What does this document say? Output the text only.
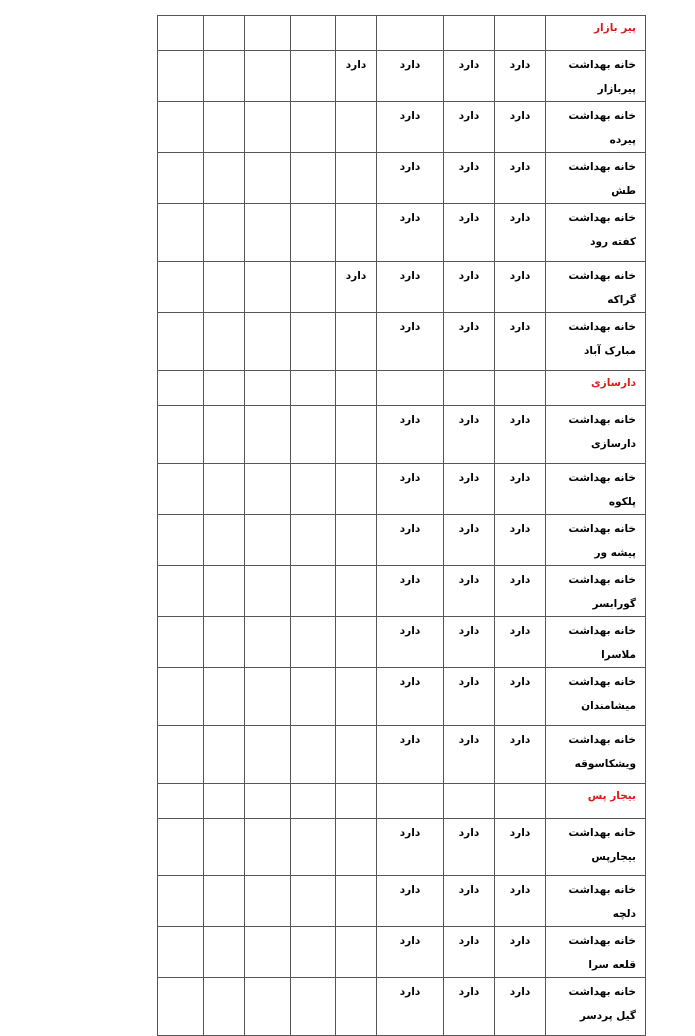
								پیر بازار
				دارد	دارد	دارد	دارد	خانه بهداشت پیربازار
					دارد	دارد	دارد	خانه بهداشت پیرده
					دارد	دارد	دارد	خانه بهداشت طش
					دارد	دارد	دارد	خانه بهداشت کفته رود
				دارد	دارد	دارد	دارد	خانه بهداشت گراکه
					دارد	دارد	دارد	خانه بهداشت مبارک آباد
								دارسازی
					دارد	دارد	دارد	خانه بهداشت دارسازی
					دارد	دارد	دارد	خانه بهداشت پلکوه
					دارد	دارد	دارد	خانه بهداشت پیشه ور
					دارد	دارد	دارد	خانه بهداشت گورابسر
					دارد	دارد	دارد	خانه بهداشت ملاسرا
					دارد	دارد	دارد	خانه بهداشت میشامندان
					دارد	دارد	دارد	خانه بهداشت ویشکاسوقه
								بیجار پس
					دارد	دارد	دارد	خانه بهداشت بیجارپس
					دارد	دارد	دارد	خانه بهداشت دلچه
					دارد	دارد	دارد	خانه بهداشت قلعه سرا
					دارد	دارد	دارد	خانه بهداشت گیل پردسر
